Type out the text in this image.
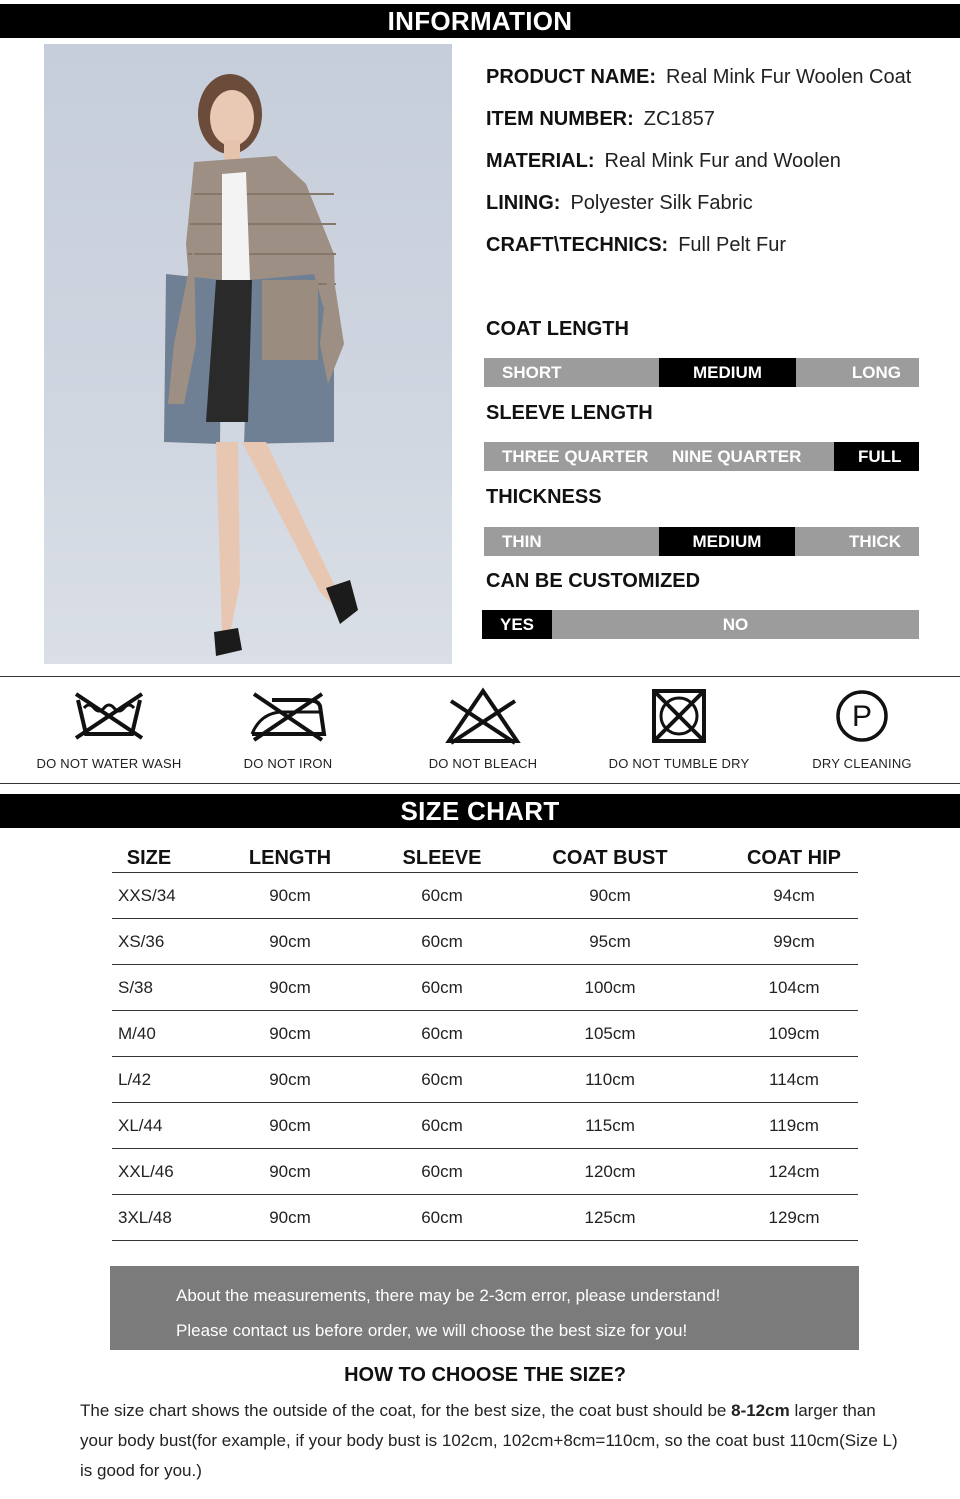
INFORMATION
PRODUCT NAME: Real Mink Fur Woolen Coat
ITEM NUMBER: ZC1857
MATERIAL: Real Mink Fur and Woolen
LINING: Polyester Silk Fabric
CRAFT\TECHNICS: Full Pelt Fur
COAT LENGTH
SHORT	MEDIUM	LONG
SLEEVE LENGTH
THREE QUARTER	NINE QUARTER	FULL
THICKNESS
THIN	MEDIUM	THICK
CAN BE CUSTOMIZED
YES	NO
DO NOT WATER WASH	DO NOT IRON	DO NOT BLEACH	DO NOT TUMBLE DRY
P
DRY CLEANING
SIZE CHART
SIZE	LENGTH	SLEEVE	COAT BUST	COAT HIP
XXS/34	90cm	60cm	90cm	94cm
XS/36	90cm	60cm	95cm	99cm
S/38	90cm	60cm	100cm	104cm
M/40	90cm	60cm	105cm	109cm
L/42	90cm	60cm	110cm	114cm
XL/44	90cm	60cm	115cm	119cm
XXL/46	90cm	60cm	120cm	124cm
3XL/48	90cm	60cm	125cm	129cm
About the measurements, there may be 2-3cm error, please understand!
Please contact us before order, we will choose the best size for you!
HOW TO CHOOSE THE SIZE?
The size chart shows the outside of the coat, for the best size, the coat bust should be 8-12cm larger than your body bust(for example, if your body bust is 102cm, 102cm+8cm=110cm, so the coat bust 110cm(Size L) is good for you.)
